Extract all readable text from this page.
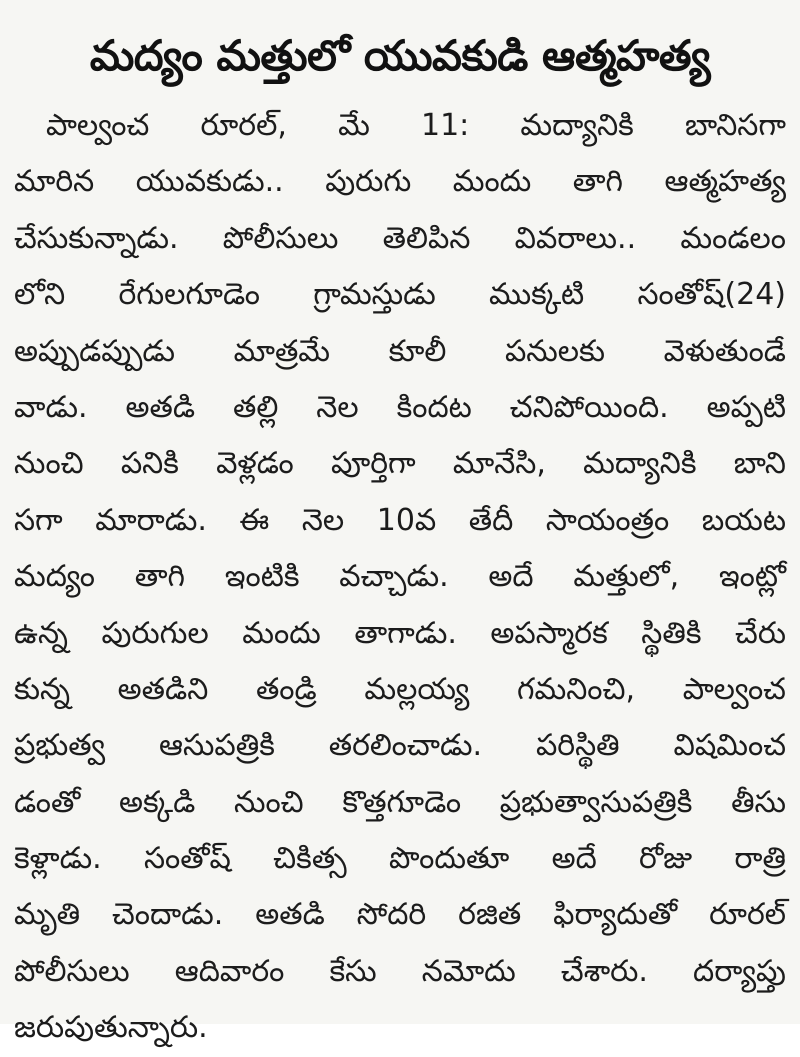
మద్యం మత్తులో యువకుడి ఆత్మహత్య
పాల్వంచ రూరల్, మే 11: మద్యానికి బానిసగా
మారిన యువకుడు.. పురుగు మందు తాగి ఆత్మహత్య
చేసుకున్నాడు. పోలీసులు తెలిపిన వివరాలు.. మండలం
లోని రేగులగూడెం గ్రామస్తుడు ముక్కటి సంతోష్(24)
అప్పుడప్పుడు మాత్రమే కూలీ పనులకు వెళుతుండే
వాడు. అతడి తల్లి నెల కిందట చనిపోయింది. అప్పటి
నుంచి పనికి వెళ్లడం పూర్తిగా మానేసి, మద్యానికి బాని
సగా మారాడు. ఈ నెల 10వ తేదీ సాయంత్రం బయట
మద్యం తాగి ఇంటికి వచ్చాడు. అదే మత్తులో, ఇంట్లో
ఉన్న పురుగుల మందు తాగాడు. అపస్మారక స్థితికి చేరు
కున్న అతడిని తండ్రి మల్లయ్య గమనించి, పాల్వంచ
ప్రభుత్వ ఆసుపత్రికి తరలించాడు. పరిస్థితి విషమించ
డంతో అక్కడి నుంచి కొత్తగూడెం ప్రభుత్వాసుపత్రికి తీసు
కెళ్లాడు. సంతోష్ చికిత్స పొందుతూ అదే రోజు రాత్రి
మృతి చెందాడు. అతడి సోదరి రజిత ఫిర్యాదుతో రూరల్
పోలీసులు ఆదివారం కేసు నమోదు చేశారు. దర్యాప్తు
జరుపుతున్నారు.
